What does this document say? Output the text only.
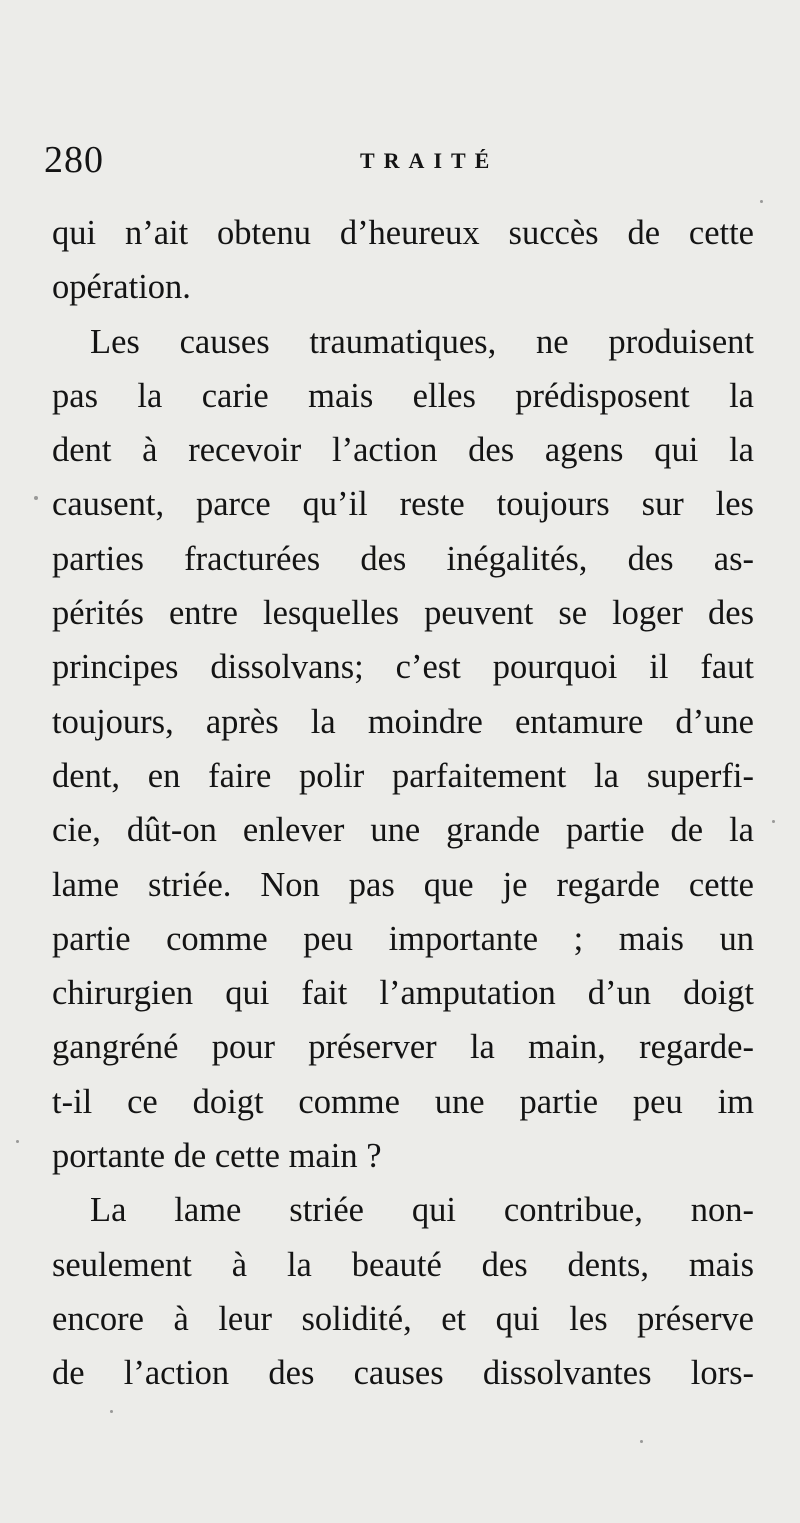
280	TRAITÉ
qui n’ait obtenu d’heureux succès de cette
opération.
Les causes traumatiques, ne produisent
pas la carie mais elles prédisposent la
dent à recevoir l’action des agens qui la
causent, parce qu’il reste toujours sur les
parties fracturées des inégalités, des as-
pérités entre lesquelles peuvent se loger des
principes dissolvans; c’est pourquoi il faut
toujours, après la moindre entamure d’une
dent, en faire polir parfaitement la superfi-
cie, dût-on enlever une grande partie de la
lame striée. Non pas que je regarde cette
partie comme peu importante ; mais un
chirurgien qui fait l’amputation d’un doigt
gangréné pour préserver la main, regarde-
t-il ce doigt comme une partie peu im
portante de cette main ?
La lame striée qui contribue, non-
seulement à la beauté des dents, mais
encore à leur solidité, et qui les préserve
de l’action des causes dissolvantes lors-
